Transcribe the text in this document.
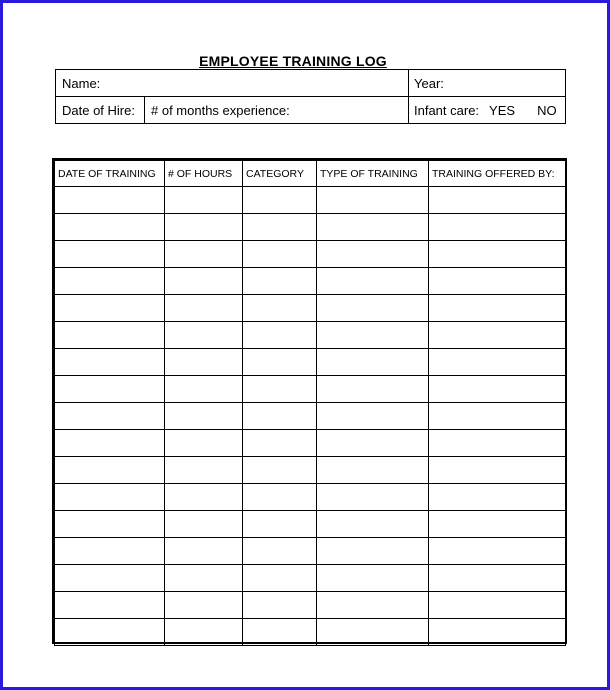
EMPLOYEE TRAINING LOG
Name:	Year:
Date of Hire: # of months experience:	Infant care: YES NO
DATE OF TRAINING	# OF HOURS	CATEGORY	TYPE OF TRAINING	TRAINING OFFERED BY:
